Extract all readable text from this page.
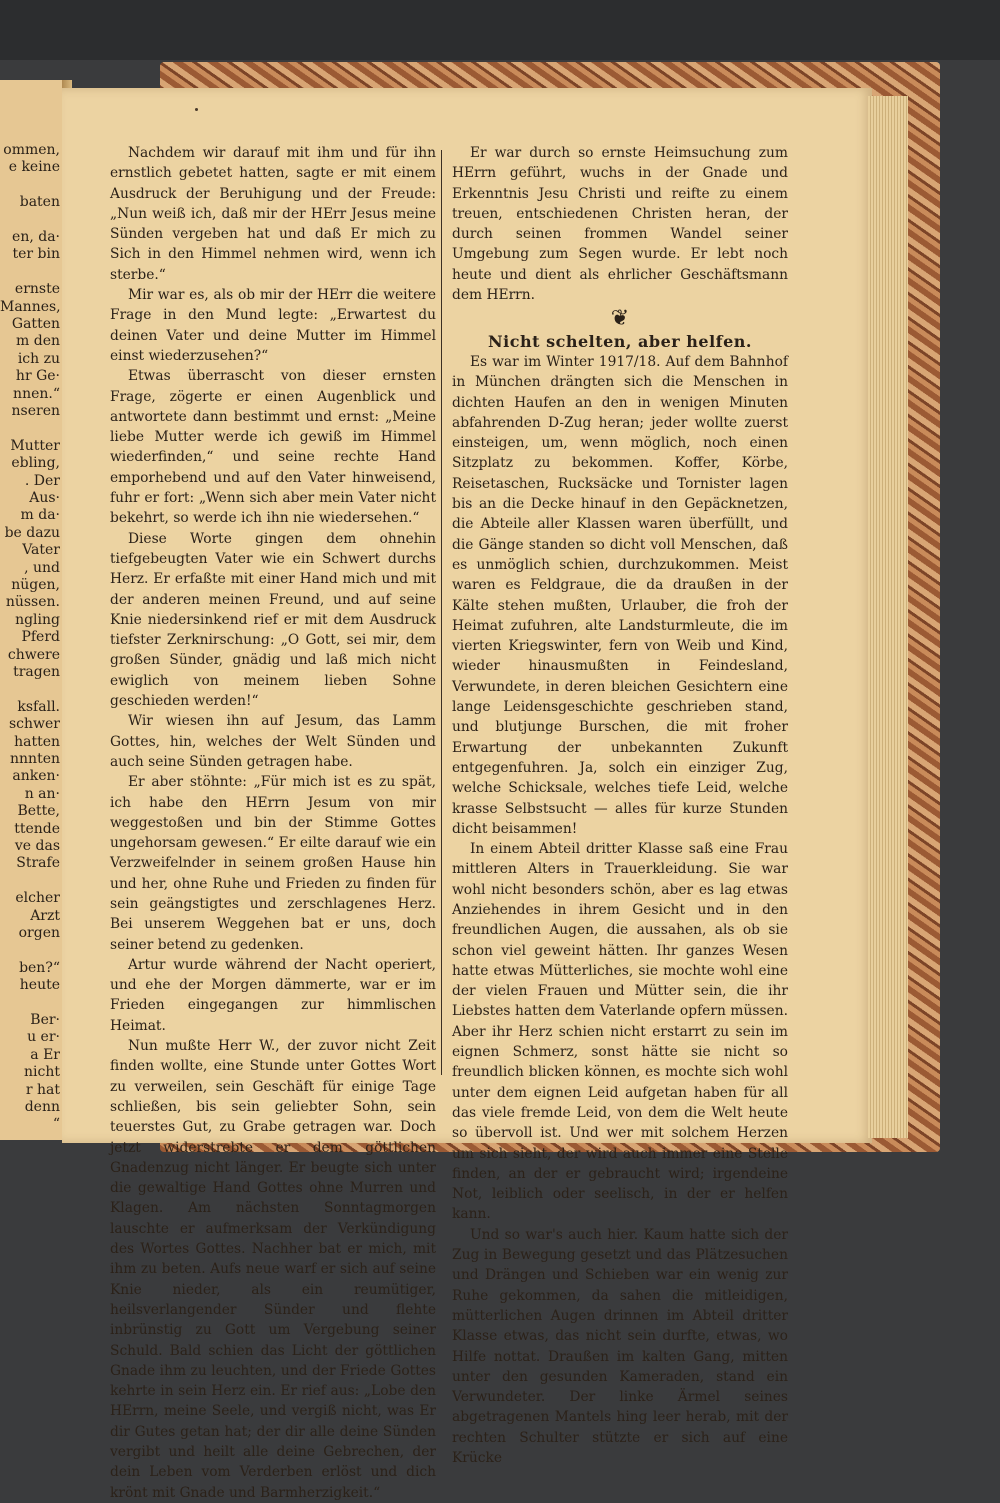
ommen,
e keine
baten
en, da·
ter bin
ernste
Mannes,
Gatten
m den
ich zu
hr Ge·
nnen.“
nseren
Mutter
ebling,
. Der
Aus·
m da·
be dazu
Vater
, und
nügen,
nüssen.
ngling
Pferd
chwere
tragen
ksfall.
schwer
hatten
nnnten
anken·
n an·
Bette,
ttende
ve das
Strafe
elcher
Arzt
orgen
ben?“
heute
Ber·
u er·
a Er
nicht
r hat
denn
“

Nachdem wir darauf mit ihm und für ihn ernstlich gebetet hatten, sagte er mit einem Ausdruck der Beruhigung und der Freude: „Nun weiß ich, daß mir der HErr Jesus meine Sünden vergeben hat und daß Er mich zu Sich in den Himmel nehmen wird, wenn ich sterbe.“

Mir war es, als ob mir der HErr die weitere Frage in den Mund legte: „Erwartest du deinen Vater und deine Mutter im Himmel einst wiederzusehen?“

Etwas überrascht von dieser ernsten Frage, zögerte er einen Augenblick und antwortete dann bestimmt und ernst: „Meine liebe Mutter werde ich gewiß im Himmel wiederfinden,“ und seine rechte Hand emporhebend und auf den Vater hinweisend, fuhr er fort: „Wenn sich aber mein Vater nicht bekehrt, so werde ich ihn nie wiedersehen.“

Diese Worte gingen dem ohnehin tiefgebeugten Vater wie ein Schwert durchs Herz. Er erfaßte mit einer Hand mich und mit der anderen meinen Freund, und auf seine Knie niedersinkend rief er mit dem Ausdruck tiefster Zerknirschung: „O Gott, sei mir, dem großen Sünder, gnädig und laß mich nicht ewiglich von meinem lieben Sohne geschieden werden!“

Wir wiesen ihn auf Jesum, das Lamm Gottes, hin, welches der Welt Sünden und auch seine Sünden getragen habe.

Er aber stöhnte: „Für mich ist es zu spät, ich habe den HErrn Jesum von mir weggestoßen und bin der Stimme Gottes ungehorsam gewesen.“ Er eilte darauf wie ein Verzweifelnder in seinem großen Hause hin und her, ohne Ruhe und Frieden zu finden für sein geängstigtes und zerschlagenes Herz. Bei unserem Weggehen bat er uns, doch seiner betend zu gedenken.

Artur wurde während der Nacht operiert, und ehe der Morgen dämmerte, war er im Frieden eingegangen zur himmlischen Heimat.

Nun mußte Herr W., der zuvor nicht Zeit finden wollte, eine Stunde unter Gottes Wort zu verweilen, sein Geschäft für einige Tage schließen, bis sein geliebter Sohn, sein teuerstes Gut, zu Grabe getragen war. Doch jetzt widerstrebte er dem göttlichen Gnadenzug nicht länger. Er beugte sich unter die gewaltige Hand Gottes ohne Murren und Klagen. Am nächsten Sonntagmorgen lauschte er aufmerksam der Verkündigung des Wortes Gottes. Nachher bat er mich, mit ihm zu beten. Aufs neue warf er sich auf seine Knie nieder, als ein reumütiger, heilsverlangender Sünder und flehte inbrünstig zu Gott um Vergebung seiner Schuld. Bald schien das Licht der göttlichen Gnade ihm zu leuchten, und der Friede Gottes kehrte in sein Herz ein. Er rief aus: „Lobe den HErrn, meine Seele, und vergiß nicht, was Er dir Gutes getan hat; der dir alle deine Sünden vergibt und heilt alle deine Gebrechen, der dein Leben vom Verderben erlöst und dich krönt mit Gnade und Barmherzigkeit.“

Er war durch so ernste Heimsuchung zum HErrn geführt, wuchs in der Gnade und Erkenntnis Jesu Christi und reifte zu einem treuen, entschiedenen Christen heran, der durch seinen frommen Wandel seiner Umgebung zum Segen wurde. Er lebt noch heute und dient als ehrlicher Geschäftsmann dem HErrn.

❦

Nicht schelten, aber helfen.

Es war im Winter 1917/18. Auf dem Bahnhof in München drängten sich die Menschen in dichten Haufen an den in wenigen Minuten abfahrenden D-Zug heran; jeder wollte zuerst einsteigen, um, wenn möglich, noch einen Sitzplatz zu bekommen. Koffer, Körbe, Reisetaschen, Rucksäcke und Tornister lagen bis an die Decke hinauf in den Gepäcknetzen, die Abteile aller Klassen waren überfüllt, und die Gänge standen so dicht voll Menschen, daß es unmöglich schien, durchzukommen. Meist waren es Feldgraue, die da draußen in der Kälte stehen mußten, Urlauber, die froh der Heimat zufuhren, alte Landsturmleute, die im vierten Kriegswinter, fern von Weib und Kind, wieder hinausmußten in Feindesland, Verwundete, in deren bleichen Gesichtern eine lange Leidensgeschichte geschrieben stand, und blutjunge Burschen, die mit froher Erwartung der unbekannten Zukunft entgegenfuhren. Ja, solch ein einziger Zug, welche Schicksale, welches tiefe Leid, welche krasse Selbstsucht — alles für kurze Stunden dicht beisammen!

In einem Abteil dritter Klasse saß eine Frau mittleren Alters in Trauerkleidung. Sie war wohl nicht besonders schön, aber es lag etwas Anziehendes in ihrem Gesicht und in den freundlichen Augen, die aussahen, als ob sie schon viel geweint hätten. Ihr ganzes Wesen hatte etwas Mütterliches, sie mochte wohl eine der vielen Frauen und Mütter sein, die ihr Liebstes hatten dem Vaterlande opfern müssen. Aber ihr Herz schien nicht erstarrt zu sein im eignen Schmerz, sonst hätte sie nicht so freundlich blicken können, es mochte sich wohl unter dem eignen Leid aufgetan haben für all das viele fremde Leid, von dem die Welt heute so übervoll ist. Und wer mit solchem Herzen um sich sieht, der wird auch immer eine Stelle finden, an der er gebraucht wird; irgendeine Not, leiblich oder seelisch, in der er helfen kann.

Und so war's auch hier. Kaum hatte sich der Zug in Bewegung gesetzt und das Plätzesuchen und Drängen und Schieben war ein wenig zur Ruhe gekommen, da sahen die mitleidigen, mütterlichen Augen drinnen im Abteil dritter Klasse etwas, das nicht sein durfte, etwas, wo Hilfe nottat. Draußen im kalten Gang, mitten unter den gesunden Kameraden, stand ein Verwundeter. Der linke Ärmel seines abgetragenen Mantels hing leer herab, mit der rechten Schulter stützte er sich auf eine Krücke
